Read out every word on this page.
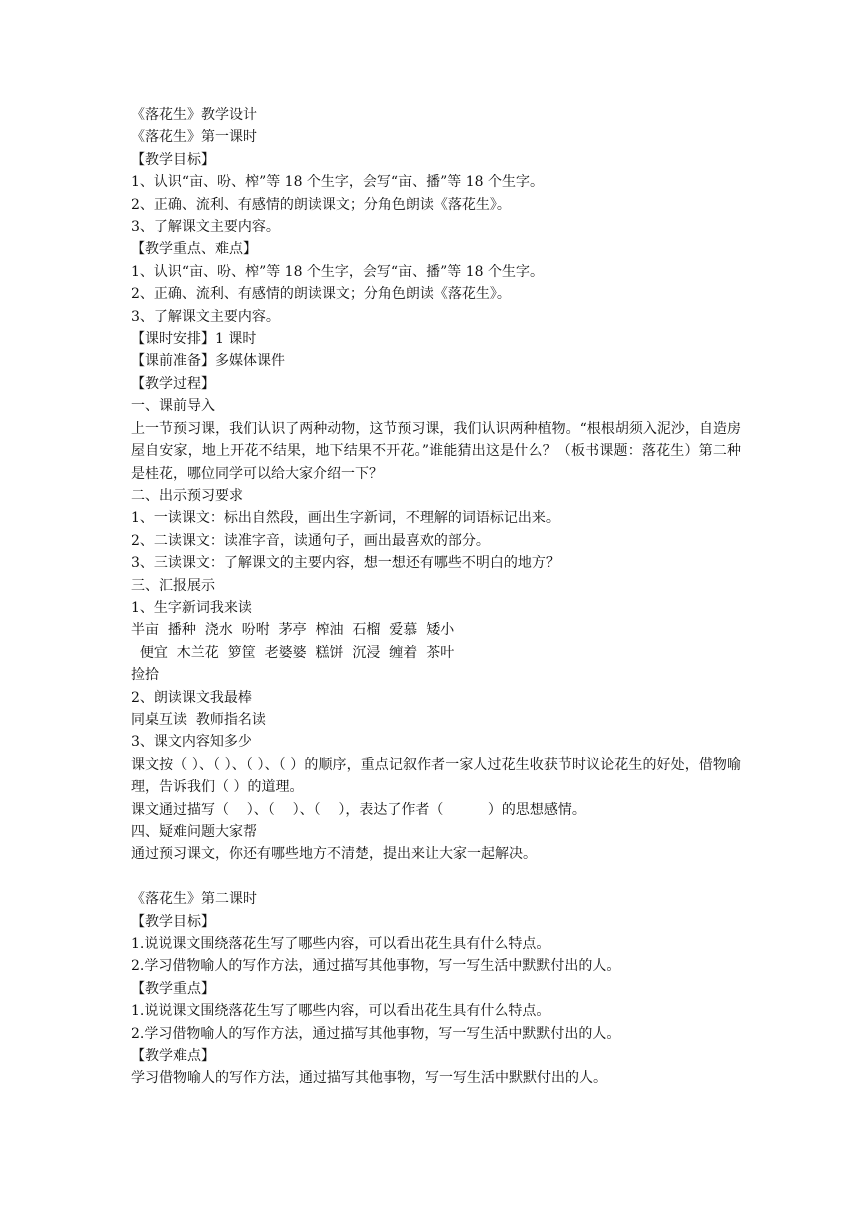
《落花生》教学设计
《落花生》第一课时
【教学目标】
1、认识“亩、吩、榨”等 18 个生字，会写“亩、播”等 18 个生字。
2、正确、流利、有感情的朗读课文；分角色朗读《落花生》。
3、了解课文主要内容。
【教学重点、难点】
1、认识“亩、吩、榨”等 18 个生字，会写“亩、播”等 18 个生字。
2、正确、流利、有感情的朗读课文；分角色朗读《落花生》。
3、了解课文主要内容。
【课时安排】1 课时
【课前准备】多媒体课件
【教学过程】
一、课前导入
上一节预习课，我们认识了两种动物，这节预习课，我们认识两种植物。“根根胡须入泥沙，自造房屋自安家，地上开花不结果，地下结果不开花。”谁能猜出这是什么？（板书课题：落花生）第二种是桂花，哪位同学可以给大家介绍一下？
二、出示预习要求
1、一读课文：标出自然段，画出生字新词，不理解的词语标记出来。
2、二读课文：读准字音，读通句子，画出最喜欢的部分。
3、三读课文：了解课文的主要内容，想一想还有哪些不明白的地方？
三、汇报展示
1、生字新词我来读
半亩  播种  浇水  吩咐  茅亭  榨油  石榴  爱慕  矮小
便宜  木兰花  箩筐  老婆婆  糕饼  沉浸  缠着  茶叶
捡拾
2、朗读课文我最棒
同桌互读  教师指名读
3、课文内容知多少
课文按（ ）、（ ）、（ ）、（ ）的顺序，重点记叙作者一家人过花生收获节时议论花生的好处，借物喻理，告诉我们（ ）的道理。
课文通过描写（    ）、（    ）、（    ），表达了作者（          ）的思想感情。
四、疑难问题大家帮
通过预习课文，你还有哪些地方不清楚，提出来让大家一起解决。
《落花生》第二课时
【教学目标】
1.说说课文围绕落花生写了哪些内容，可以看出花生具有什么特点。
2.学习借物喻人的写作方法，通过描写其他事物，写一写生活中默默付出的人。
【教学重点】
1.说说课文围绕落花生写了哪些内容，可以看出花生具有什么特点。
2.学习借物喻人的写作方法，通过描写其他事物，写一写生活中默默付出的人。
【教学难点】
学习借物喻人的写作方法，通过描写其他事物，写一写生活中默默付出的人。
